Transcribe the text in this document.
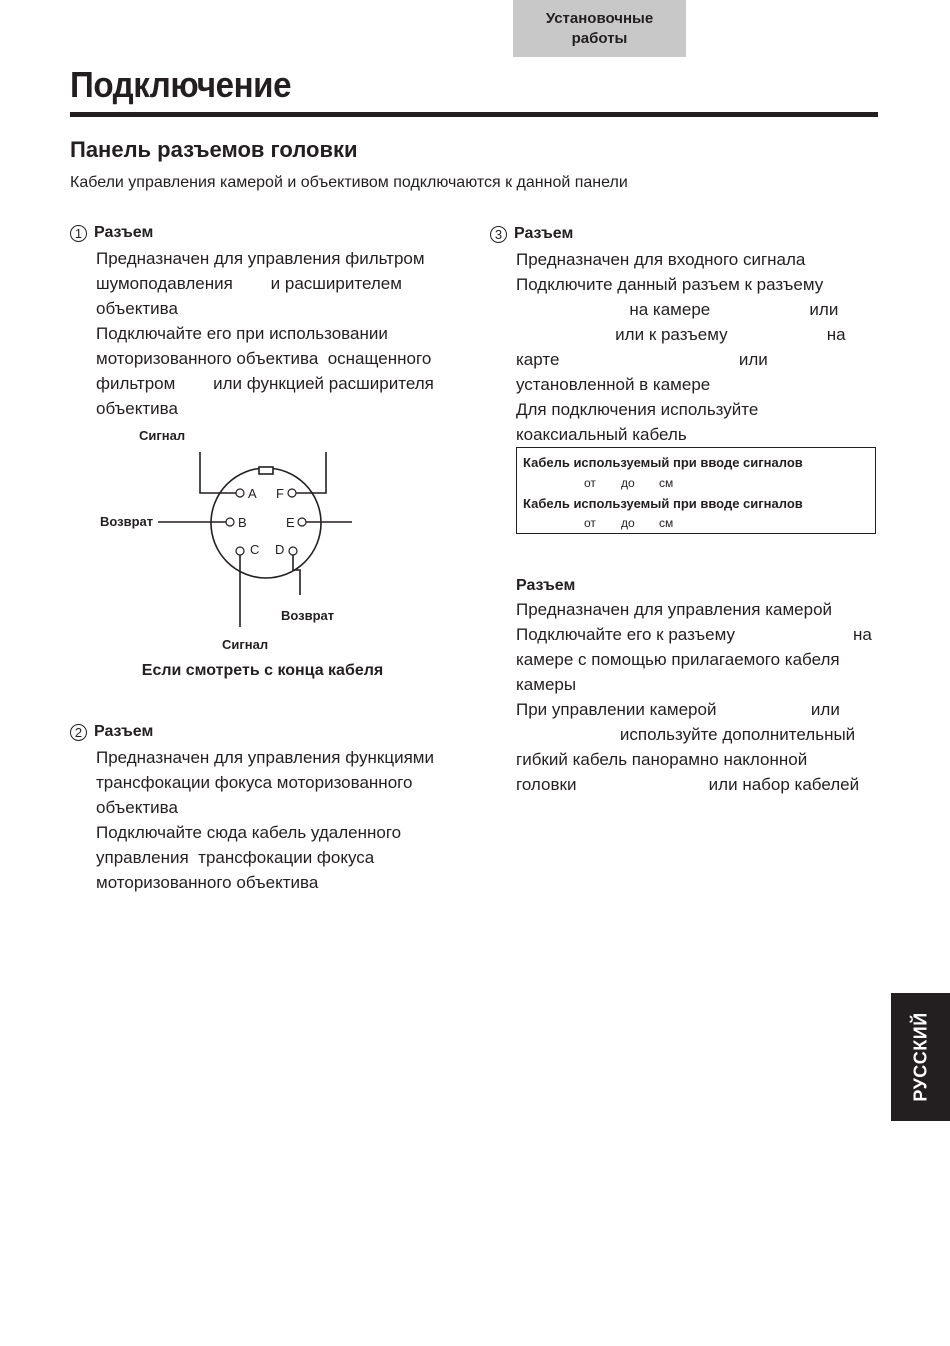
Установочные работы
Подключение
Панель разъемов головки
Кабели управления камерой и объективом подключаются к данной панели
1 Разъем
Предназначен для управления фильтром
шумоподавления        и расширителем
объектива
Подключайте его при использовании
моторизованного объектива  оснащенного
фильтром        или функцией расширителя
объектива
A F
B	E
C D
Сигнал
Возврат
Возврат
Сигнал
Если смотреть с конца кабеля
2 Разъем
Предназначен для управления функциями
трансфокации фокуса моторизованного
объектива
Подключайте сюда кабель удаленного
управления  трансфокации фокуса
моторизованного объектива
3 Разъем
Предназначен для входного сигнала
Подключите данный разъем к разъему
на камере                     или
или к разъему                     на
карте                                      или
установленной в камере
Для подключения используйте
коаксиальный кабель
Кабель используемый при вводе сигналов
от до см
Кабель используемый при вводе сигналов
от до см
Разъем
Предназначен для управления камерой
Подключайте его к разъему                         на
камере с помощью прилагаемого кабеля
камеры
При управлении камерой                    или
используйте дополнительный
гибкий кабель панорамно наклонной
головки                            или набор кабелей
РУССКИЙ
